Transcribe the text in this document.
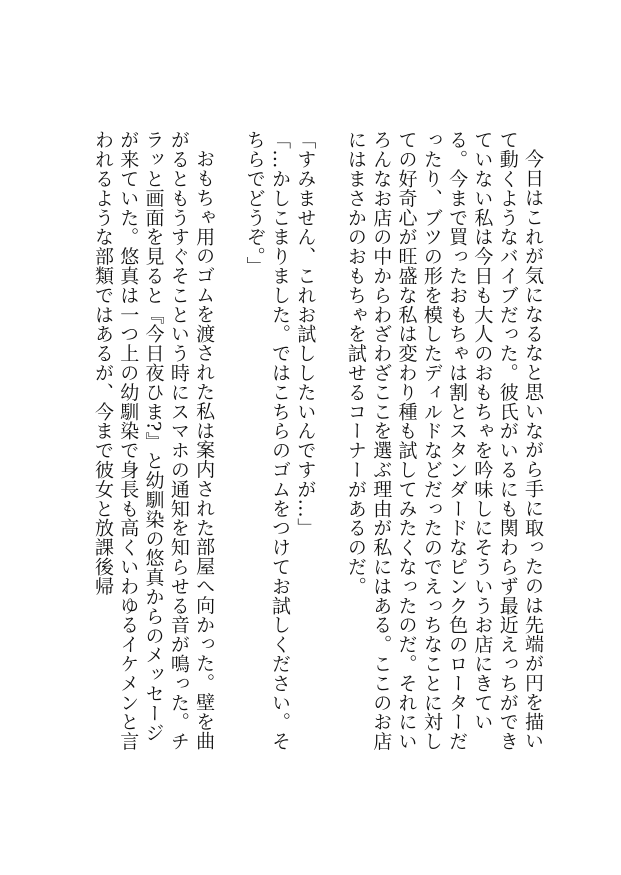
今日はこれが気になるなと思いながら手に取ったのは先端が円を描いて動くようなバイブだった。彼氏がいるにも関わらず最近えっちができていない私は今日も大人のおもちゃを吟味しにそういうお店にきている。今まで買ったおもちゃは割とスタンダードなピンク色のローターだったり、ブツの形を模したディルドなどだったのでえっちなことに対しての好奇心が旺盛な私は変わり種も試してみたくなったのだ。それにいろんなお店の中からわざわざここを選ぶ理由が私にはある。ここのお店にはまさかのおもちゃを試せるコーナーがあるのだ。

「すみません、これお試ししたいんですが…」

「…かしこまりました。ではこちらのゴムをつけてお試しください。そちらでどうぞ。」

おもちゃ用のゴムを渡された私は案内された部屋へ向かった。壁を曲がるともうすぐそこという時にスマホの通知を知らせる音が鳴った。チラッと画面を見ると『今日夜ひま?』と幼馴染の悠真からのメッセージが来ていた。悠真は一つ上の幼馴染で身長も高くいわゆるイケメンと言われるような部類ではあるが、今まで彼女と放課後帰
